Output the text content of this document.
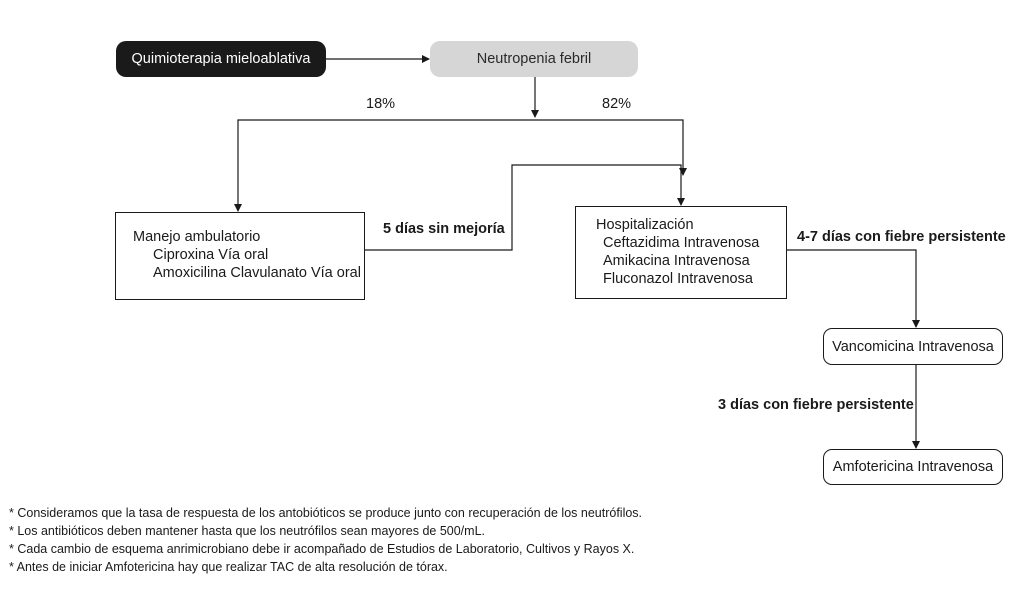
Quimioterapia mieloablativa	Neutropenia febril
Manejo ambulatorio
Ciproxina Vía oral
Amoxicilina Clavulanato Vía oral
Hospitalización
Ceftazidima Intravenosa
Amikacina Intravenosa
Fluconazol Intravenosa
Vancomicina Intravenosa
Amfotericina Intravenosa
18%	82%
5 días sin mejoría	4-7 días con fiebre persistente
3 días con fiebre persistente
* Consideramos que la tasa de respuesta de los antobióticos se produce junto con recuperación de los neutrófilos.
* Los antibióticos deben mantener hasta que los neutrófilos sean mayores de 500/mL.
* Cada cambio de esquema anrimicrobiano debe ir acompañado de Estudios de Laboratorio, Cultivos y Rayos X.
* Antes de iniciar Amfotericina hay que realizar TAC de alta resolución de tórax.
